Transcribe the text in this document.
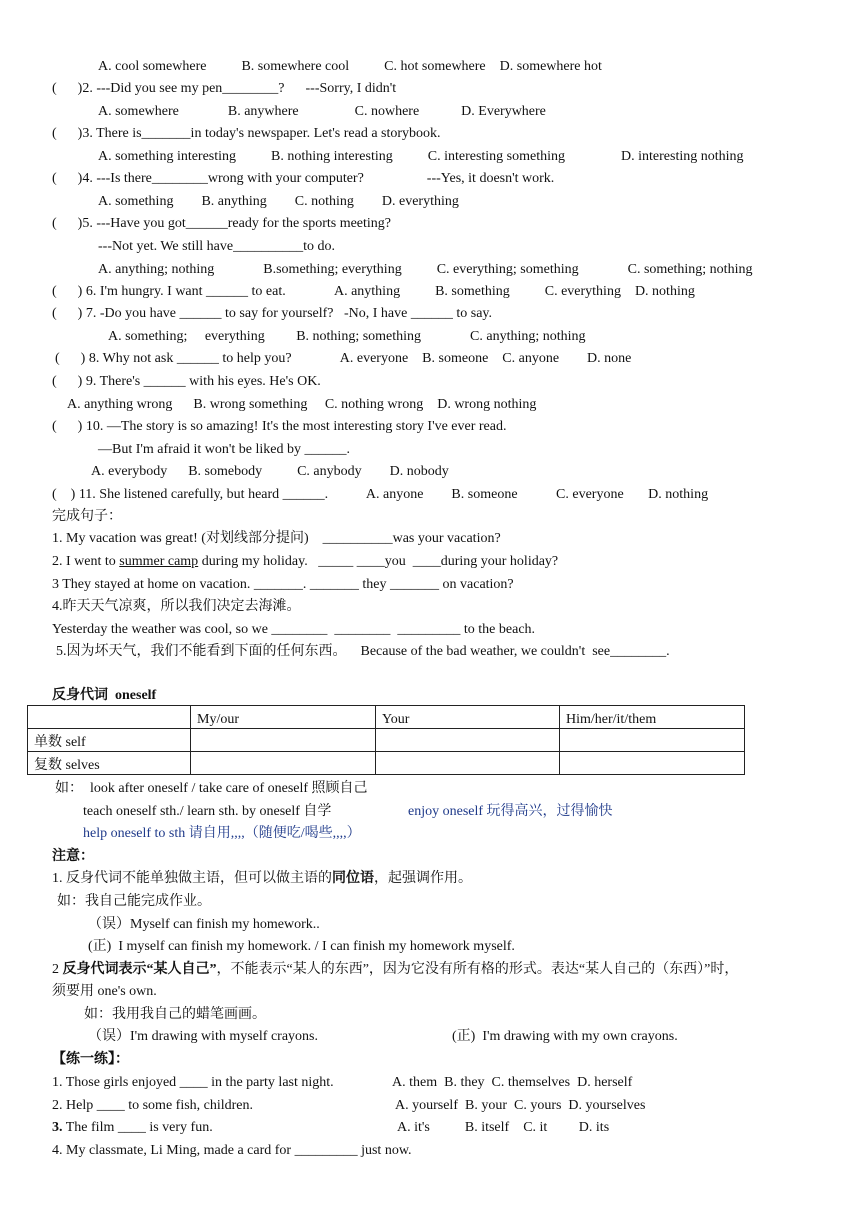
A. cool somewhere          B. somewhere cool          C. hot somewhere    D. somewhere hot
(      )2. ---Did you see my pen________?      ---Sorry, I didn't
A. somewhere              B. anywhere                C. nowhere            D. Everywhere
(      )3. There is_______in today's newspaper. Let's read a storybook.
A. something interesting          B. nothing interesting          C. interesting something                D. interesting nothing
(      )4. ---Is there________wrong with your computer?                  ---Yes, it doesn't work.
A. something        B. anything        C. nothing        D. everything
(      )5. ---Have you got______ready for the sports meeting?
---Not yet. We still have__________to do.
A. anything; nothing              B.something; everything          C. everything; something              C. something; nothing
(      ) 6. I'm hungry. I want ______ to eat.              A. anything          B. something          C. everything    D. nothing
(      ) 7. -Do you have ______ to say for yourself?   -No, I have ______ to say.
A. something;     everything         B. nothing; something              C. anything; nothing
(      ) 8. Why not ask ______ to help you?              A. everyone    B. someone    C. anyone        D. none
(      ) 9. There's ______ with his eyes. He's OK.
A. anything wrong      B. wrong something     C. nothing wrong    D. wrong nothing
(      ) 10. —The story is so amazing! It's the most interesting story I've ever read.
—But I'm afraid it won't be liked by ______.
A. everybody      B. somebody          C. anybody        D. nobody
(    ) 11. She listened carefully, but heard ______.           A. anyone        B. someone           C. everyone       D. nothing
完成句子：
1. My vacation was great! (对划线部分提问)    __________was your vacation?
2. I went to summer camp during my holiday.   _____ ____you  ____during your holiday?
3 They stayed at home on vacation. _______. _______ they _______ on vacation?
4.昨天天气凉爽，所以我们决定去海滩。
Yesterday the weather was cool, so we ________  ________  _________ to the beach.
5.因为坏天气，我们不能看到下面的任何东西。    Because of the bad weather, we couldn't  see________.
反身代词  oneself
	My/our	Your	Him/her/it/them
单数 self			
复数 selves			
如：  look after oneself / take care of oneself 照顾自己
teach oneself sth./ learn sth. by oneself 自学	enjoy oneself 玩得高兴，过得愉快
help oneself to sth 请自用,,,,（随便吃/喝些,,,,）
注意：
1. 反身代词不能单独做主语，但可以做主语的同位语，起强调作用。
如：我自己能完成作业。
（误）Myself can finish my homework..
(正)  I myself can finish my homework. / I can finish my homework myself.
2 反身代词表示“某人自己”，不能表示“某人的东西”，因为它没有所有格的形式。表达“某人自己的（东西）”时，
须要用 one's own.
如：我用我自己的蜡笔画画。
（误）I'm drawing with myself crayons.	(正)  I'm drawing with my own crayons.
【练一练】：
1. Those girls enjoyed ____ in the party last night.	A. them  B. they  C. themselves  D. herself
2. Help ____ to some fish, children.	A. yourself  B. your  C. yours  D. yourselves
3. The film ____ is very fun.	A. it's          B. itself    C. it         D. its
4. My classmate, Li Ming, made a card for _________ just now.
